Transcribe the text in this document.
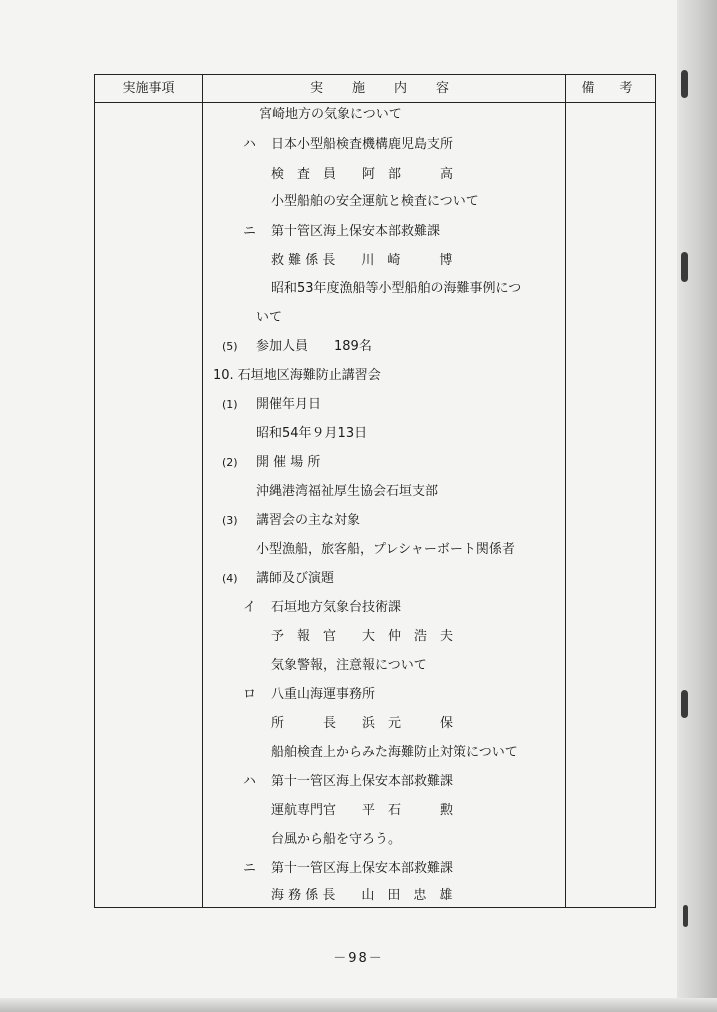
実施事項	実　施　内　容	備　考
宮崎地方の気象について
ハ 日本小型船検査機構鹿児島支所
検　査　員　　阿　部　　　高
小型船舶の安全運航と検査について
ニ 第十管区海上保安本部救難課
救 難 係 長　　川　崎　　　博
昭和53年度漁船等小型船舶の海難事例につ
いて
(5) 参加人員　　189名
10. 石垣地区海難防止講習会
(1) 開催年月日
昭和54年９月13日
(2) 開 催 場 所
沖縄港湾福祉厚生協会石垣支部
(3) 講習会の主な対象
小型漁船，旅客船，プレシャーボート関係者
(4) 講師及び演題
イ 石垣地方気象台技術課
予　報　官　　大　仲　浩　夫
気象警報，注意報について
ロ 八重山海運事務所
所　　　長　　浜　元　　　保
船舶検査上からみた海難防止対策について
ハ 第十一管区海上保安本部救難課
運航専門官　　平　石　　　勲
台風から船を守ろう。
ニ 第十一管区海上保安本部救難課
海 務 係 長　　山　田　忠　雄
－98－
